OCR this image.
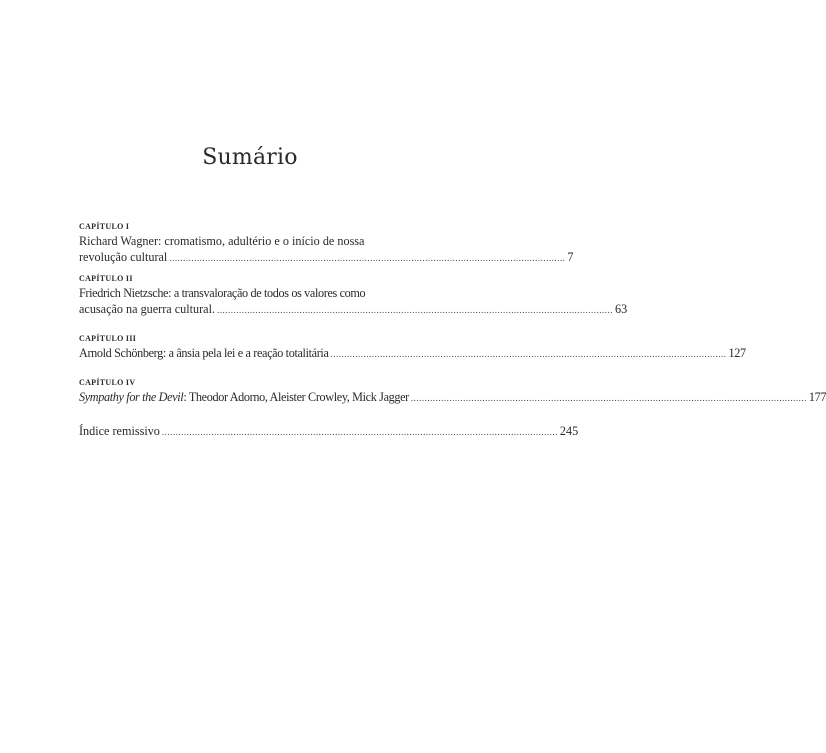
Sumário
CAPÍTULO I
Richard Wagner: cromatismo, adultério e o início de nossa
revolução cultural ................................................................................................................................................ 7
CAPÍTULO II
Friedrich Nietzsche: a transvaloração de todos os valores como
acusação na guerra cultural. ................................................................................................................................................ 63
CAPÍTULO III
Arnold Schönberg: a ânsia pela lei e a reação totalitária ................................................................................................................................................ 127
CAPÍTULO IV
Sympathy for the Devil: Theodor Adorno, Aleister Crowley, Mick Jagger ................................................................................................................................................ 177
Índice remissivo ................................................................................................................................................ 245
